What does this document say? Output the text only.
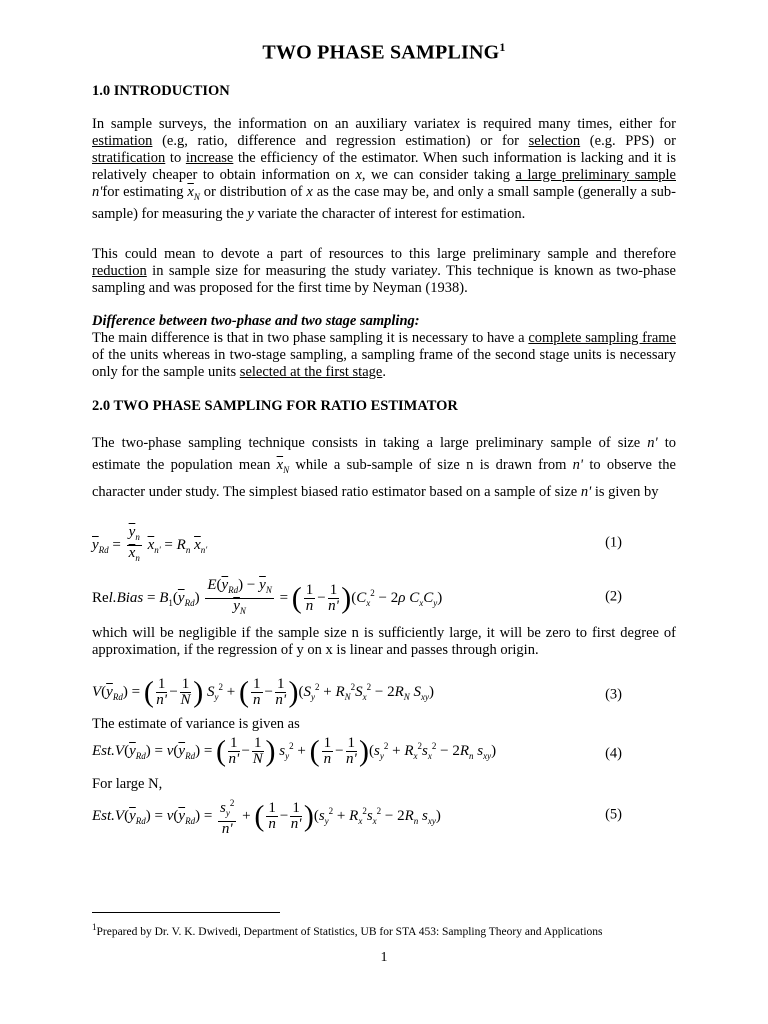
TWO PHASE SAMPLING$^1$
1.0 INTRODUCTION
In sample surveys, the information on an auxiliary variatex is required many times, either for estimation (e.g, ratio, difference and regression estimation) or for selection (e.g. PPS) or stratification to increase the efficiency of the estimator. When such information is lacking and it is relatively cheaper to obtain information on x, we can consider taking a large preliminary sample n'for estimating $\overline{x}_N$ or distribution of x as the case may be, and only a small sample (generally a sub-sample) for measuring the y variate the character of interest for estimation.
This could mean to devote a part of resources to this large preliminary sample and therefore reduction in sample size for measuring the study variatey. This technique is known as two-phase sampling and was proposed for the first time by Neyman (1938).
Difference between two-phase and two stage sampling:
The main difference is that in two phase sampling it is necessary to have a complete sampling frame of the units whereas in two-stage sampling, a sampling frame of the second stage units is necessary only for the sample units selected at the first stage.
2.0 TWO PHASE SAMPLING FOR RATIO ESTIMATOR
The two-phase sampling technique consists in taking a large preliminary sample of size n' to estimate the population mean $\overline{x}_N$ while a sub-sample of size n is drawn from n' to observe the character under study. The simplest biased ratio estimator based on a sample of size n' is given by
$\overline{y}_{Rd} = \frac{\overline{y}_n}{\overline{x}_n} \overline{x}_{n'} = R_n$ $\overline{x}_{n'}$	(1)
Rel.Bias = $B_1(\overline{y}_{Rd}) \frac{E(\overline{y}_{Rd}) - \overline{y}_N}{\overline{y}_N}$ = ( $\frac{1}{n} - \frac{1}{n'} )(C_x^2 - 2\rho$ $C_xC_y$)	(2)
which will be negligible if the sample size n is sufficiently large, it will be zero to first degree of approximation, if the regression of y on x is linear and passes through origin.
$V(\overline{y}_{Rd})$ = ( $\frac{1}{n'} - \frac{1}{N}$ ) $S_y^2$ + ( $\frac{1}{n} - \frac{1}{n'} )(S_y^2 + R_N^2S_x^2 - 2R_N$ $S_{xy}$)	(3)
The estimate of variance is given as
$Est.V(\overline{y}_{Rd}) = v(\overline{y}_{Rd})$ = ( $\frac{1}{n'} - \frac{1}{N}$ ) $s_y^2$ + ( $\frac{1}{n} - \frac{1}{n'} )(s_y^2 + R_x^2s_x^2 - 2R_n$ $s_{xy}$)	(4)
For large N,
$Est.V(\overline{y}_{Rd}) = v(\overline{y}_{Rd}) = \frac{s_y^2}{n'}$ + ( $\frac{1}{n} - \frac{1}{n'} )(s_y^2 + R_x^2s_x^2 - 2R_n$ $s_{xy}$)	(5)
$^1$Prepared by Dr. V. K. Dwivedi, Department of Statistics, UB for STA 453: Sampling Theory and Applications
1
